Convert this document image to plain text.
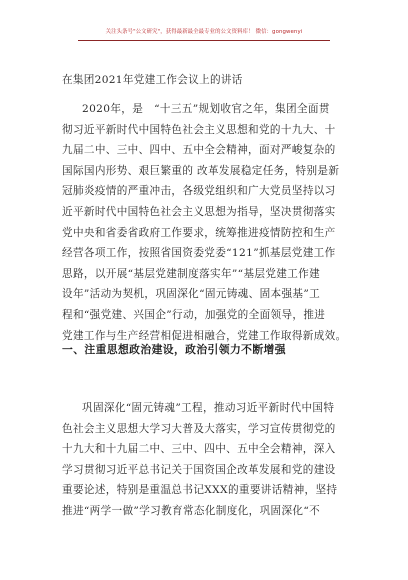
关注头条号"公文研究"，获得最新最全最专业的公文资料库！ 微信：gongwenyi
在集团2021年党建工作会议上的讲话
2020年，是　“十三五”规划收官之年，集团全面贯
彻习近平新时代中国特色社会主义思想和党的十九大、十
九届二中、三中、四中、五中全会精神，面对严峻复杂的
国际国内形势、艰巨繁重的 改革发展稳定任务，特别是新
冠肺炎疫情的严重冲击，各级党组织和广大党员坚持以习
近平新时代中国特色社会主义思想为指导，坚决贯彻落实
党中央和省委省政府工作要求，统筹推进疫情防控和生产
经营各项工作，按照省国资委党委“121”抓基层党建工作
思路，以开展“基层党建制度落实年”“基层党建工作建
设年”活动为契机，巩固深化“固元铸魂、固本强基”工
程和“强党建、兴国企”行动，加强党的全面领导，推进
党建工作与生产经营相促进相融合，党建工作取得新成效。
一、注重思想政治建设，政治引领力不断增强
巩固深化“固元铸魂”工程，推动习近平新时代中国特
色社会主义思想大学习大普及大落实，学习宣传贯彻党的
十九大和十九届二中、三中、四中、五中全会精神，深入
学习贯彻习近平总书记关于国资国企改革发展和党的建设
重要论述，特别是重温总书记XXX的重要讲话精神，坚持
推进“两学一做”学习教育常态化制度化，巩固深化“不
